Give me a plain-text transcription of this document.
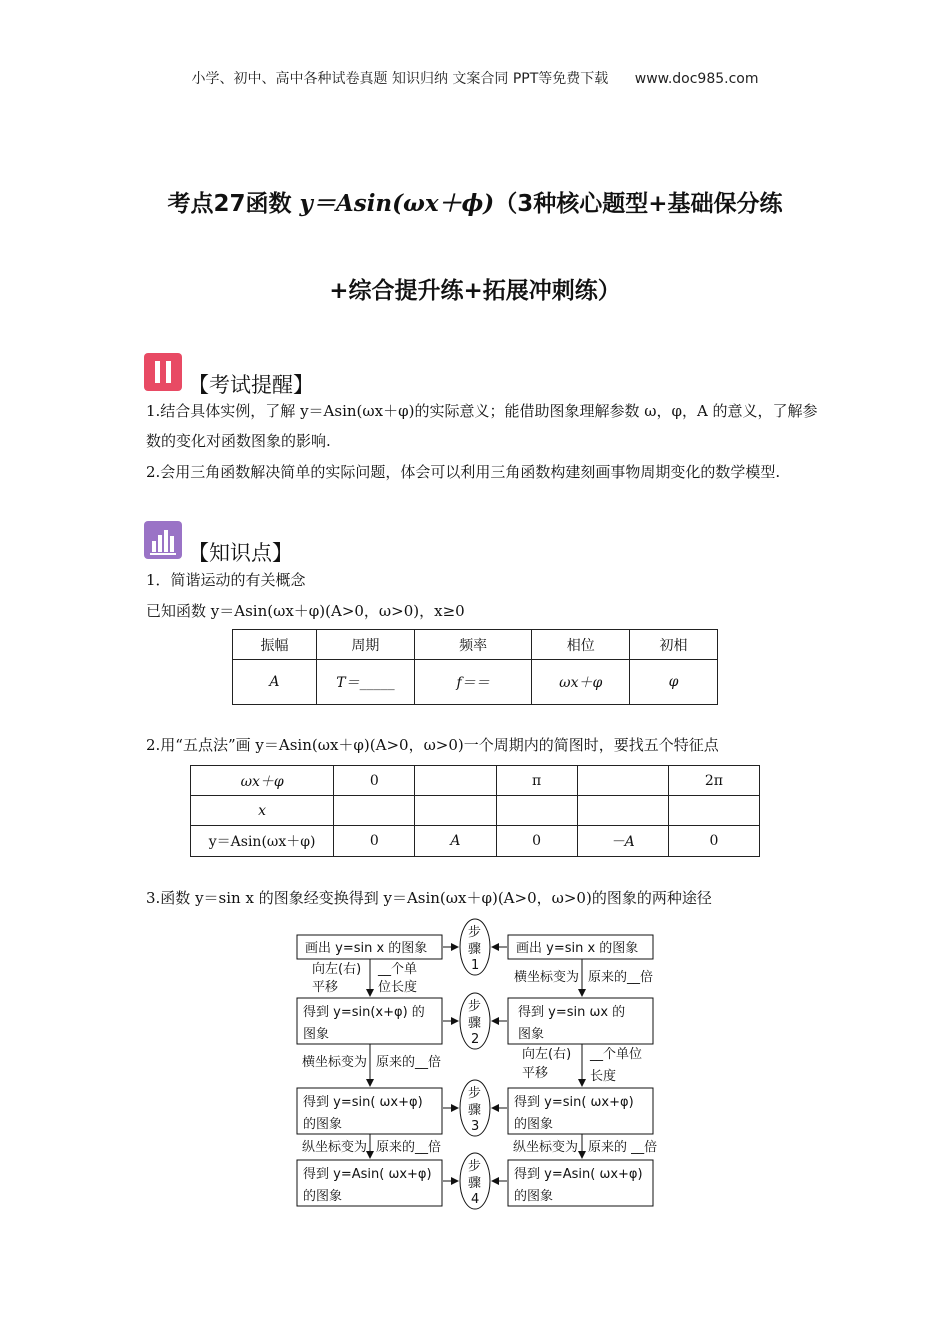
小学、初中、高中各种试卷真题 知识归纳 文案合同 PPT等免费下载 www.doc985.com
考点27函数 y＝Asin(ωx＋ϕ)（3种核心题型+基础保分练
+综合提升练+拓展冲刺练）
【考试提醒】
1.结合具体实例，了解 y＝Asin(ωx＋φ)的实际意义；能借助图象理解参数 ω，φ，A 的意义，了解参数的变化对函数图象的影响.
2.会用三角函数解决简单的实际问题，体会可以利用三角函数构建刻画事物周期变化的数学模型.
【知识点】
1．简谐运动的有关概念
已知函数 y＝Asin(ωx＋φ)(A>0，ω>0)，x≥0
振幅	周期	频率	相位	初相
A	T＝_____	f＝＝	ωx＋φ	φ
2.用“五点法”画 y＝Asin(ωx＋φ)(A>0，ω>0)一个周期内的简图时，要找五个特征点
ωx＋φ	0		π		2π
x					
y＝Asin(ωx＋φ)	0	A	0	－A	0
3.函数 y＝sin x 的图象经变换得到 y＝Asin(ωx＋φ)(A>0，ω>0)的图象的两种途径
画出 y=sin x 的图象
得到 y=sin(x+φ) 的
图象
得到 y=sin( ωx+φ)
的图象
得到 y=Asin( ωx+φ)
的图象
向左(右)
平移
__个单
位长度
横坐标变为 原来的__倍
纵坐标变为 原来的__倍
画出 y=sin x 的图象
得到 y=sin ωx 的
图象
得到 y=sin( ωx+φ)
的图象
得到 y=Asin( ωx+φ)
的图象
横坐标变为 原来的__倍
向左(右)
平移
__个单位
长度
纵坐标变为 原来的 __倍
步
骤
1
步
骤
2
步
骤
3
步
骤
4
